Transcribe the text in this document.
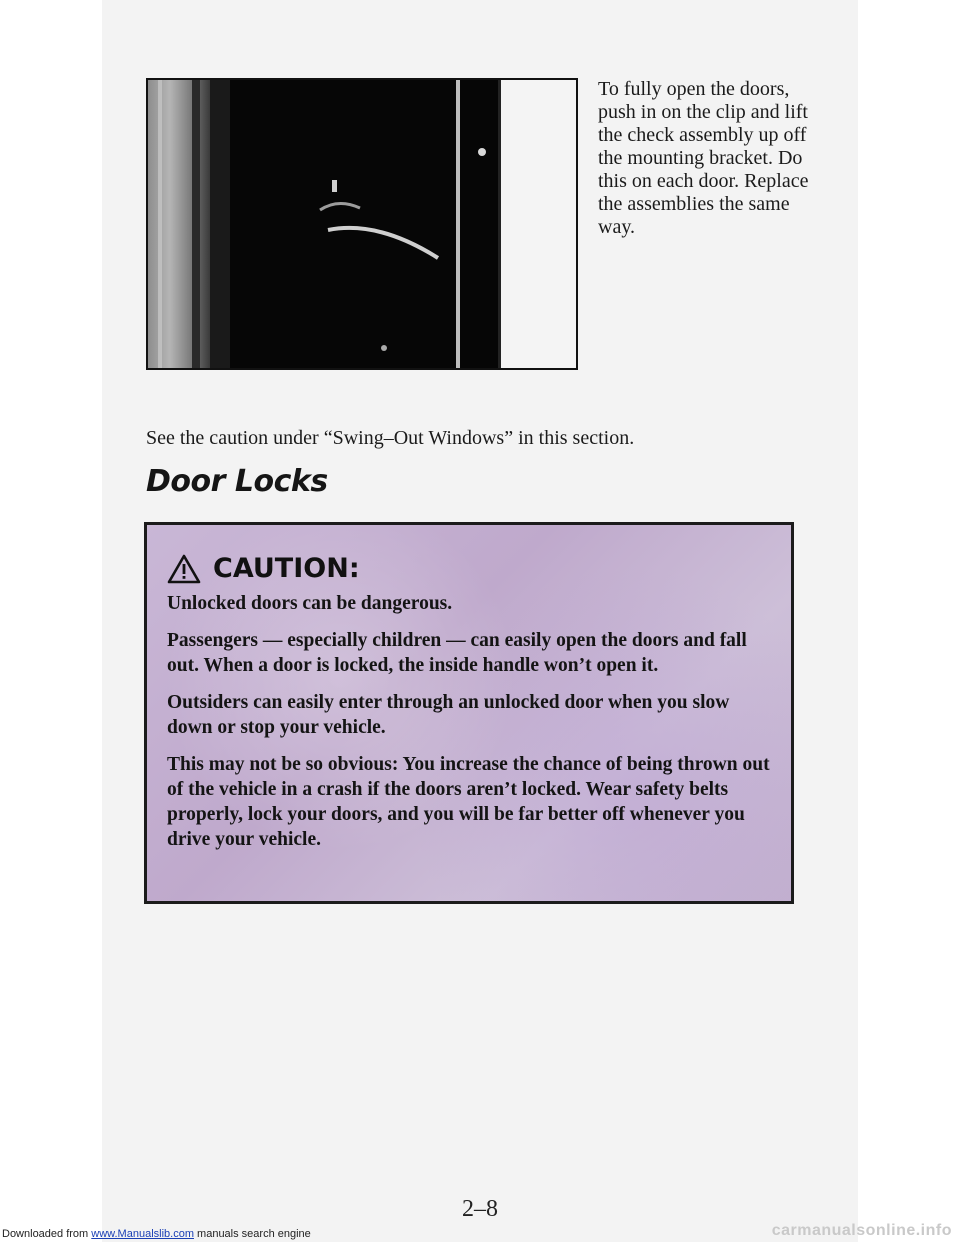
To fully open the doors, push in on the clip and lift the check assembly up off the mounting bracket. Do this on each door. Replace the assemblies the same way.
See the caution under “Swing–Out Windows” in this section.
Door Locks
CAUTION:

Unlocked doors can be dangerous.

Passengers — especially children — can easily open the doors and fall out. When a door is locked, the inside handle won’t open it.

Outsiders can easily enter through an unlocked door when you slow down or stop your vehicle.

This may not be so obvious: You increase the chance of being thrown out of the vehicle in a crash if the doors aren’t locked. Wear safety belts properly, lock your doors, and you will be far better off whenever you drive your vehicle.

2–8
Downloaded from www.Manualslib.com manuals search engine	carmanualsonline.info
